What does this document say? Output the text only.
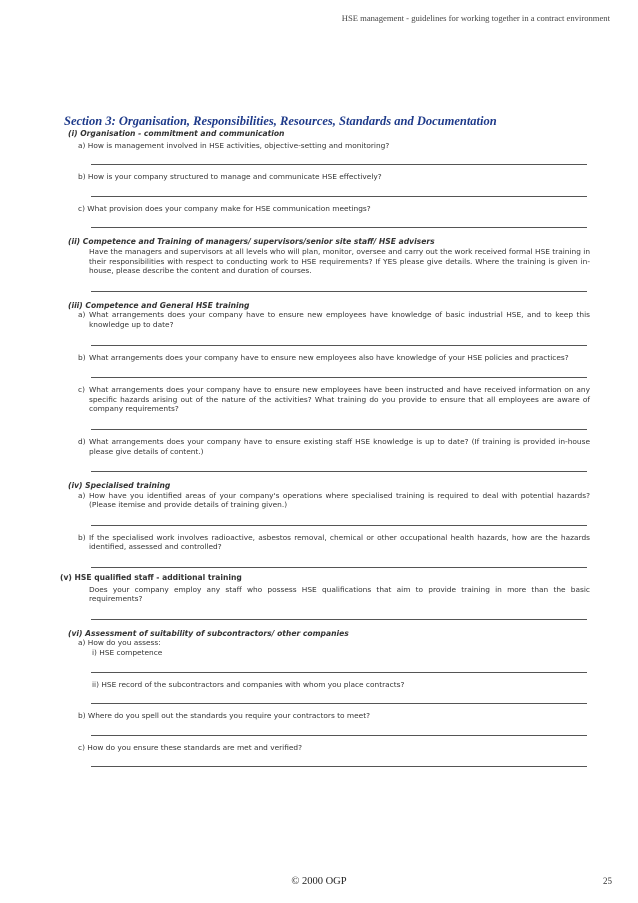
HSE management - guidelines for working together in a contract environment
Section 3: Organisation, Responsibilities, Resources, Standards and Documentation
(i) Organisation - commitment and communication
a) How is management involved in HSE activities, objective-setting and monitoring?
b) How is your company structured to manage and communicate HSE effectively?
c) What provision does your company make for HSE communication meetings?
(ii) Competence and Training of managers/ supervisors/senior site staff/ HSE advisers
Have the managers and supervisors at all levels who will plan, monitor, oversee and carry out the work received formal HSE training in their responsibilities with respect to conducting work to HSE requirements? If YES please give details. Where the training is given in-house, please describe the content and duration of courses.
(iii) Competence and General HSE training
a) What arrangements does your company have to ensure new employees have knowledge of basic industrial HSE, and to keep this knowledge up to date?
b) What arrangements does your company have to ensure new employees also have knowledge of your HSE policies and practices?
c) What arrangements does your company have to ensure new employees have been instructed and have received information on any specific hazards arising out of the nature of the activities? What training do you provide to ensure that all employees are aware of company requirements?
d) What arrangements does your company have to ensure existing staff HSE knowledge is up to date? (If training is provided in-house please give details of content.)
(iv) Specialised training
a) How have you identified areas of your company's operations where specialised training is required to deal with potential hazards? (Please itemise and provide details of training given.)
b) If the specialised work involves radioactive, asbestos removal, chemical or other occupational health hazards, how are the hazards identified, assessed and controlled?
(v) HSE qualified staff - additional training
Does your company employ any staff who possess HSE qualifications that aim to provide training in more than the basic requirements?
(vi) Assessment of suitability of subcontractors/ other companies
a) How do you assess:
i) HSE competence
ii) HSE record of the subcontractors and companies with whom you place contracts?
b) Where do you spell out the standards you require your contractors to meet?
c) How do you ensure these standards are met and verified?
© 2000 OGP	25
